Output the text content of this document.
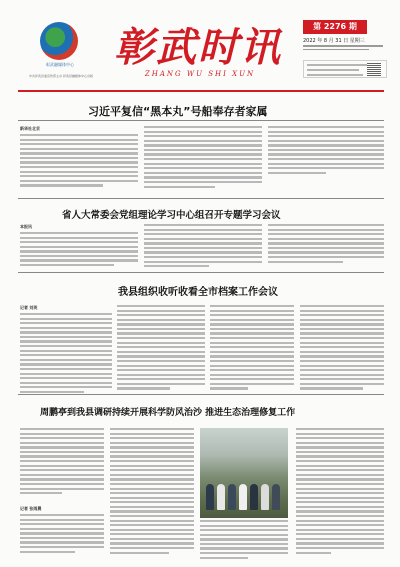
彰武融媒体中心
中共彰武县委宣传部主办 彰武县融媒体中心出版
彰武时讯
ZHANG WU SHI XUN
第 2276 期
2022 年 8 月 31 日 星期三
习近平复信“黑本丸”号船奉存者家属
新华社北京
省人大常委会党组理论学习中心组召开专题学习会议
本报讯
我县组织收听收看全市档案工作会议
记者 刘英
周鹏亭到我县调研持续开展科学防风治沙 推进生态治理修复工作
记者 张雨晨
